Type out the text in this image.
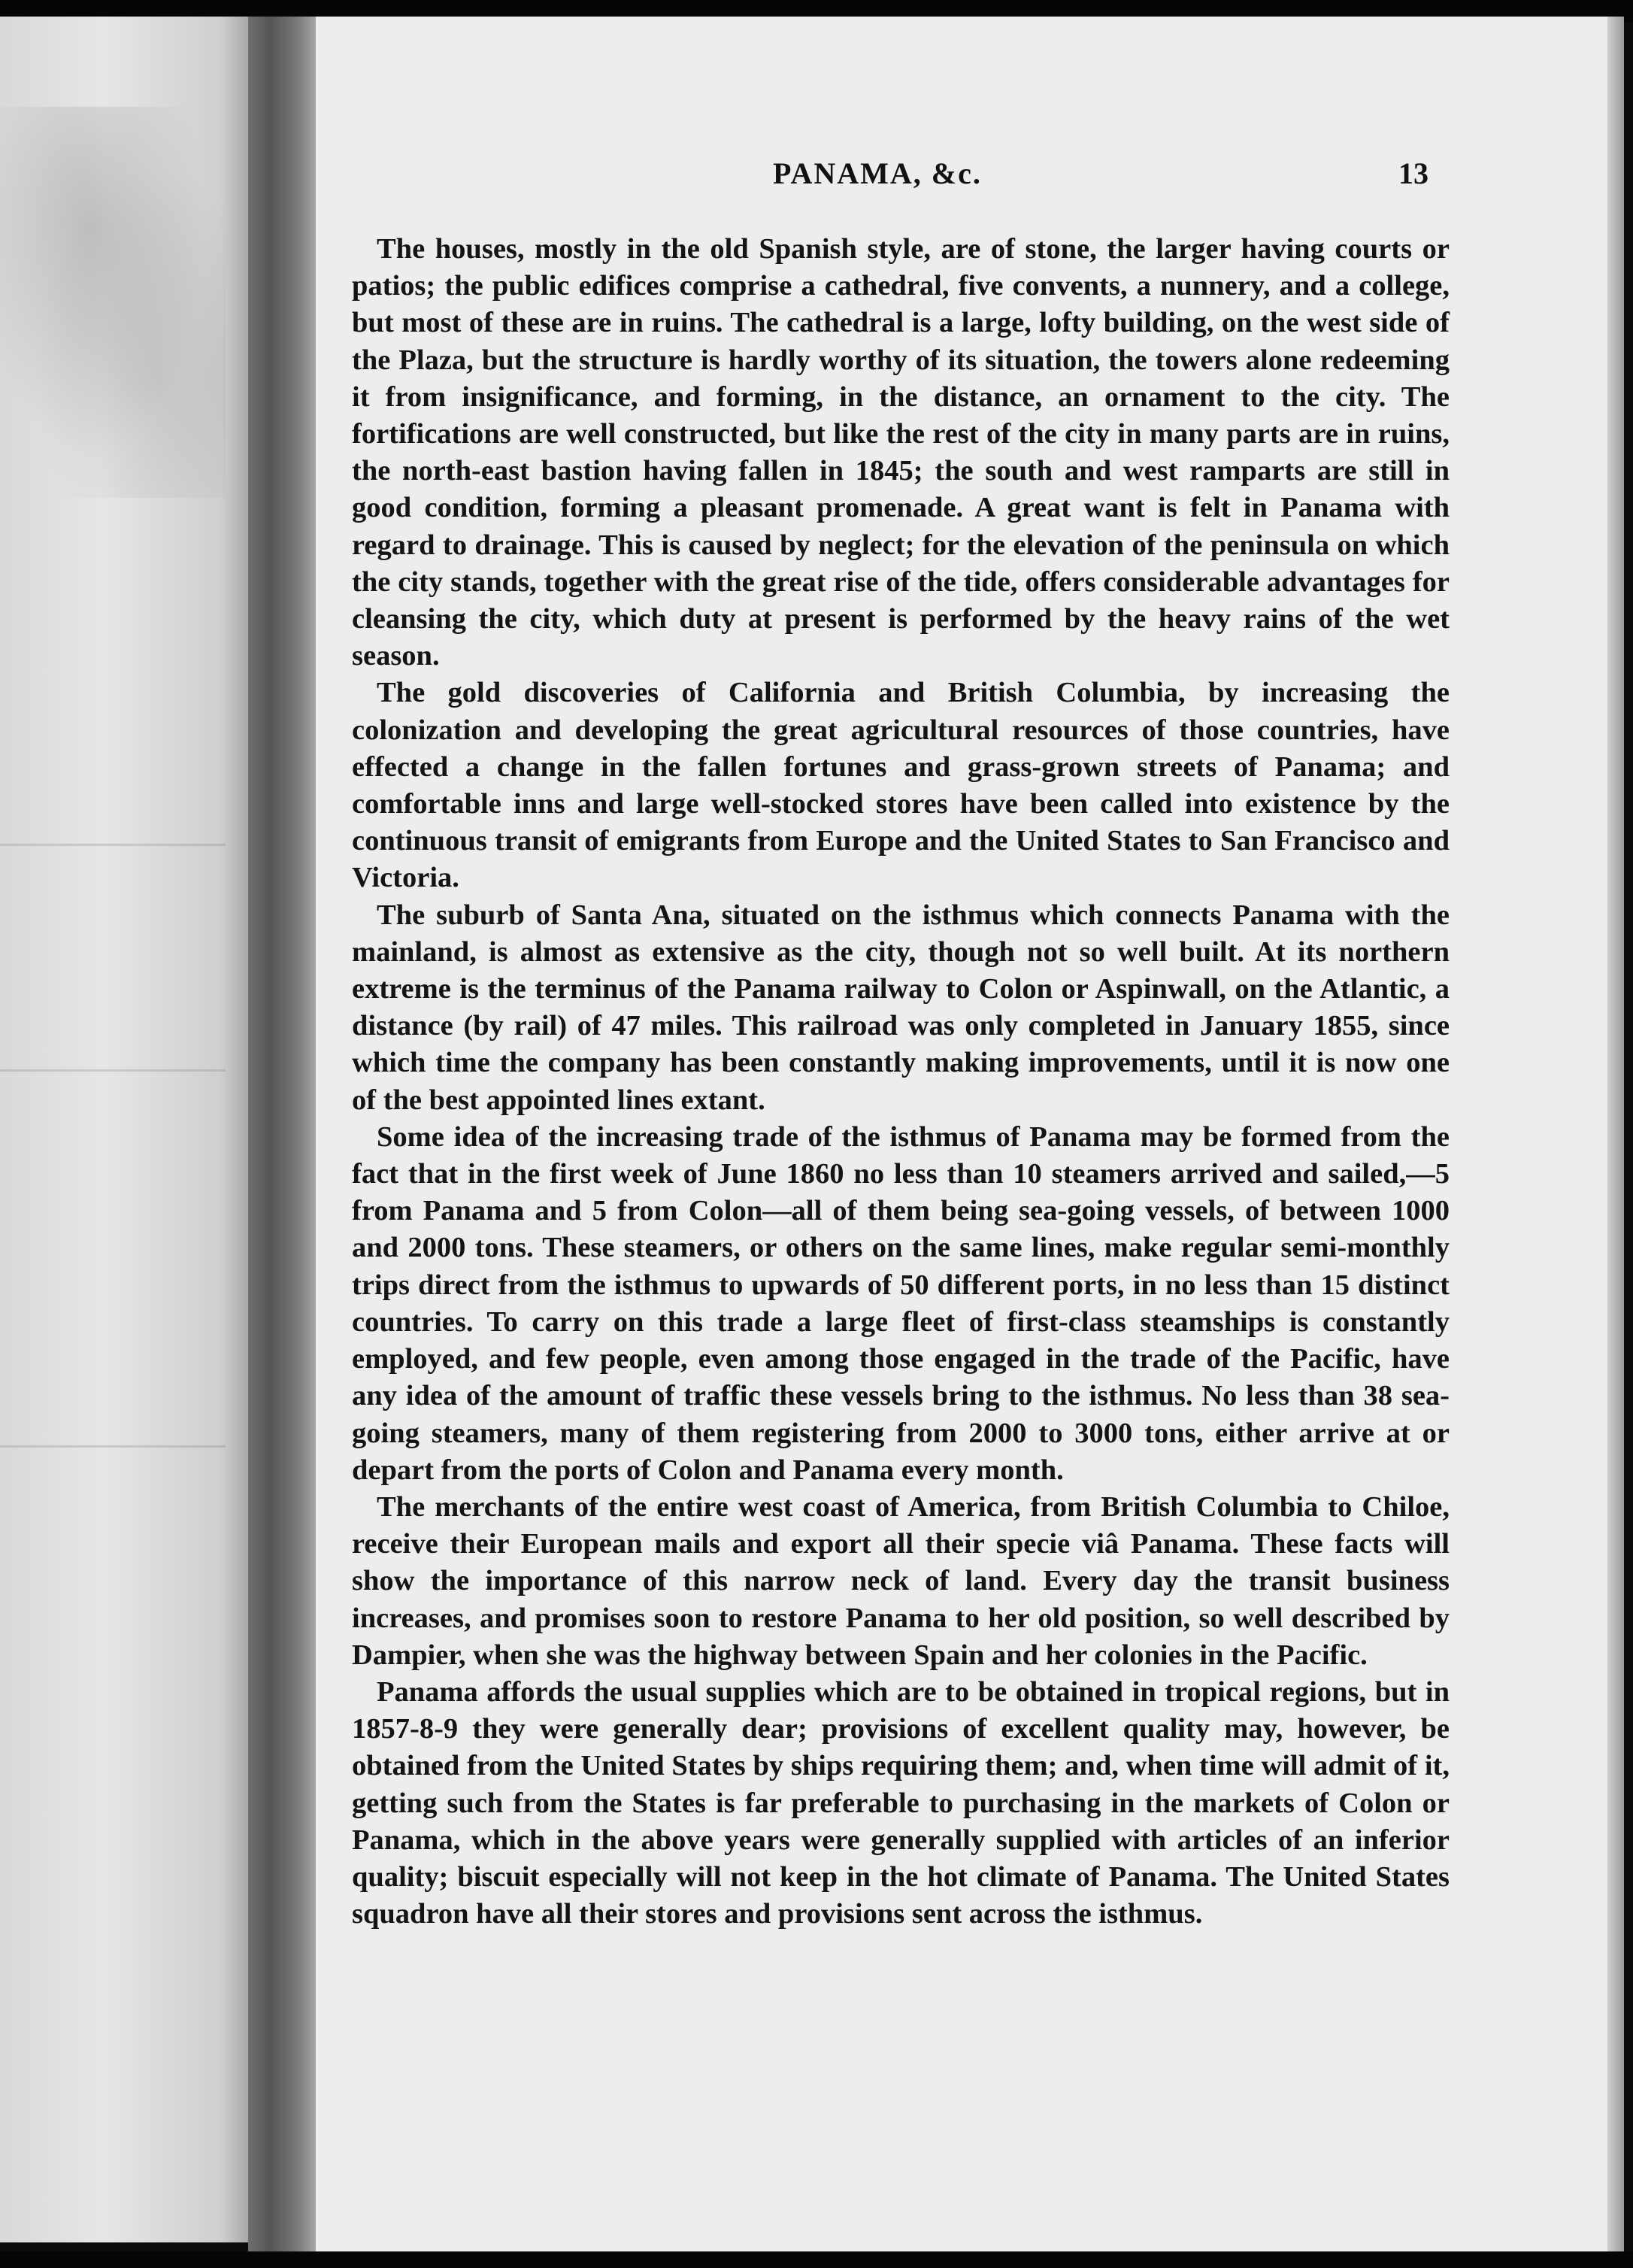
PANAMA, &c.	13

The houses, mostly in the old Spanish style, are of stone, the larger having courts or patios; the public edifices comprise a cathedral, five convents, a nunnery, and a college, but most of these are in ruins. The cathedral is a large, lofty building, on the west side of the Plaza, but the structure is hardly worthy of its situation, the towers alone redeeming it from insignificance, and forming, in the distance, an ornament to the city. The fortifications are well constructed, but like the rest of the city in many parts are in ruins, the north-east bastion having fallen in 1845; the south and west ramparts are still in good condition, forming a pleasant promenade. A great want is felt in Panama with regard to drainage. This is caused by neglect; for the elevation of the peninsula on which the city stands, together with the great rise of the tide, offers considerable advantages for cleansing the city, which duty at present is performed by the heavy rains of the wet season.

The gold discoveries of California and British Columbia, by increasing the colonization and developing the great agricultural resources of those countries, have effected a change in the fallen fortunes and grass-grown streets of Panama; and comfortable inns and large well-stocked stores have been called into existence by the continuous transit of emigrants from Europe and the United States to San Francisco and Victoria.

The suburb of Santa Ana, situated on the isthmus which connects Panama with the mainland, is almost as extensive as the city, though not so well built. At its northern extreme is the terminus of the Panama railway to Colon or Aspinwall, on the Atlantic, a distance (by rail) of 47 miles. This railroad was only completed in January 1855, since which time the company has been constantly making improvements, until it is now one of the best appointed lines extant.

Some idea of the increasing trade of the isthmus of Panama may be formed from the fact that in the first week of June 1860 no less than 10 steamers arrived and sailed,—5 from Panama and 5 from Colon—all of them being sea-going vessels, of between 1000 and 2000 tons. These steamers, or others on the same lines, make regular semi-monthly trips direct from the isthmus to upwards of 50 different ports, in no less than 15 distinct countries. To carry on this trade a large fleet of first-class steamships is constantly employed, and few people, even among those engaged in the trade of the Pacific, have any idea of the amount of traffic these vessels bring to the isthmus. No less than 38 sea-going steamers, many of them registering from 2000 to 3000 tons, either arrive at or depart from the ports of Colon and Panama every month.

The merchants of the entire west coast of America, from British Columbia to Chiloe, receive their European mails and export all their specie viâ Panama. These facts will show the importance of this narrow neck of land. Every day the transit business increases, and promises soon to restore Panama to her old position, so well described by Dampier, when she was the highway between Spain and her colonies in the Pacific.

Panama affords the usual supplies which are to be obtained in tropical regions, but in 1857-8-9 they were generally dear; provisions of excellent quality may, however, be obtained from the United States by ships requiring them; and, when time will admit of it, getting such from the States is far preferable to purchasing in the markets of Colon or Panama, which in the above years were generally supplied with articles of an inferior quality; biscuit especially will not keep in the hot climate of Panama. The United States squadron have all their stores and provisions sent across the isthmus.
